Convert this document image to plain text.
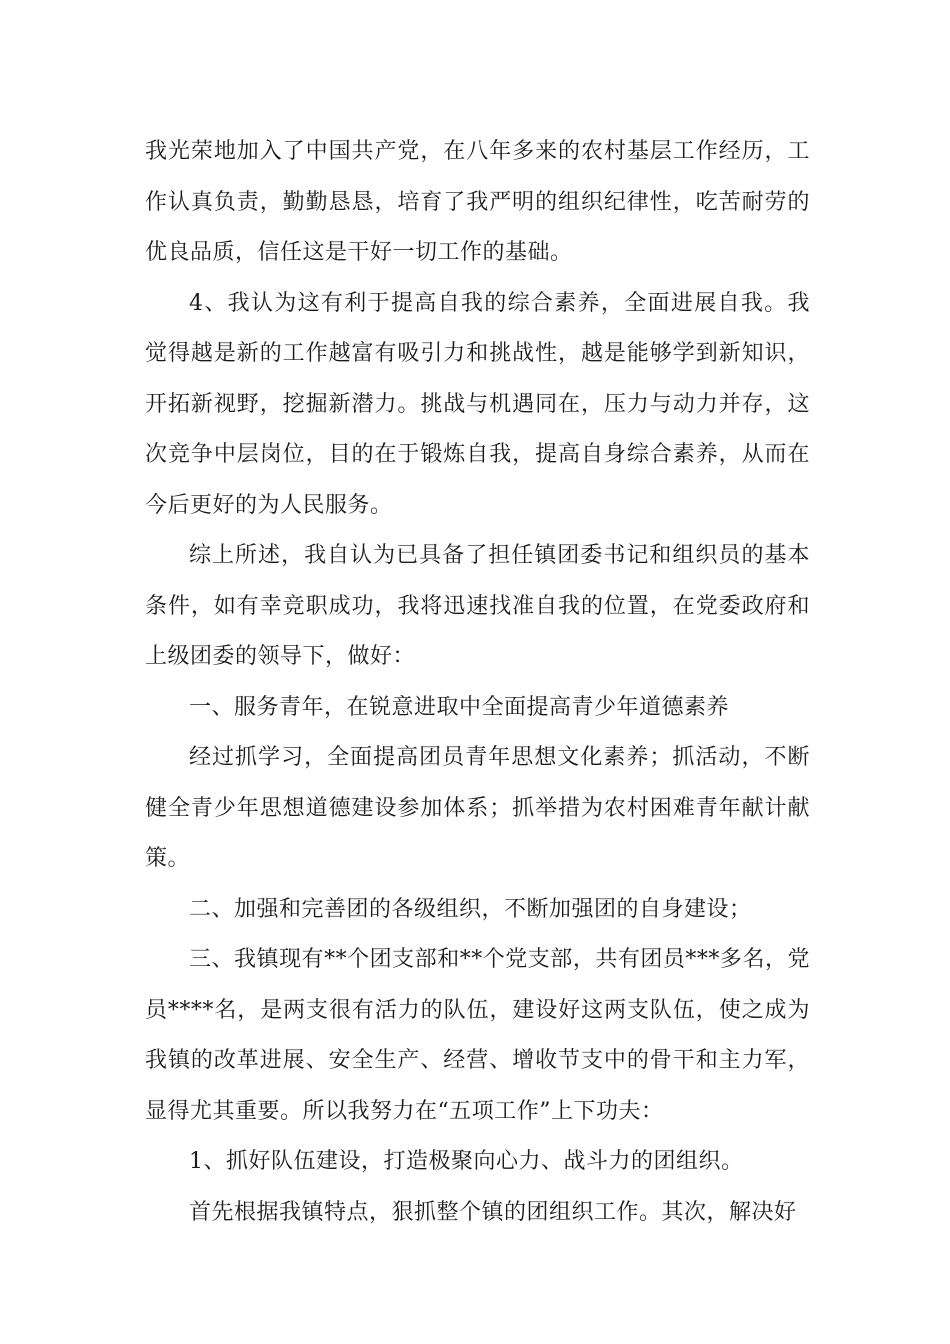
我光荣地加入了中国共产党，在八年多来的农村基层工作经历，工作认真负责，勤勤恳恳，培育了我严明的组织纪律性，吃苦耐劳的优良品质，信任这是干好一切工作的基础。

4、我认为这有利于提高自我的综合素养，全面进展自我。我觉得越是新的工作越富有吸引力和挑战性，越是能够学到新知识，开拓新视野，挖掘新潜力。挑战与机遇同在，压力与动力并存，这次竞争中层岗位，目的在于锻炼自我，提高自身综合素养，从而在今后更好的为人民服务。

综上所述，我自认为已具备了担任镇团委书记和组织员的基本条件，如有幸竞职成功，我将迅速找准自我的位置，在党委政府和上级团委的领导下，做好：

一、服务青年，在锐意进取中全面提高青少年道德素养

经过抓学习，全面提高团员青年思想文化素养；抓活动，不断健全青少年思想道德建设参加体系；抓举措为农村困难青年献计献策。

二、加强和完善团的各级组织，不断加强团的自身建设；

三、我镇现有**个团支部和**个党支部，共有团员***多名，党员****名，是两支很有活力的队伍，建设好这两支队伍，使之成为我镇的改革进展、安全生产、经营、增收节支中的骨干和主力军，显得尤其重要。所以我努力在“五项工作”上下功夫：

1、抓好队伍建设，打造极聚向心力、战斗力的团组织。

首先根据我镇特点，狠抓整个镇的团组织工作。其次，解决好
